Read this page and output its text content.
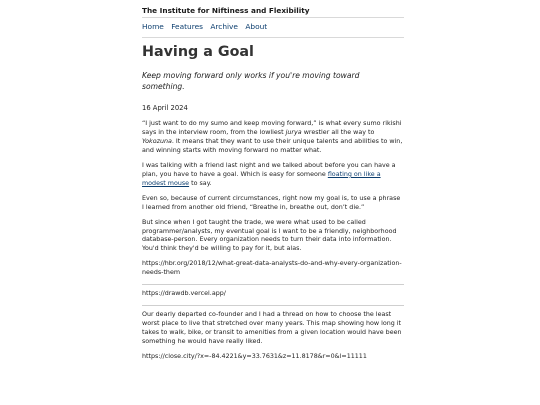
The Institute for Niftiness and Flexibility
Home Features Archive About
Having a Goal

Keep moving forward only works if you're moving toward something.

16 April 2024

“I just want to do my sumo and keep moving forward,” is what every sumo rikishi says in the interview room, from the lowliest jurya wrestler all the way to Yokozuna. It means that they want to use their unique talents and abilities to win, and winning starts with moving forward no matter what.

I was talking with a friend last night and we talked about before you can have a plan, you have to have a goal. Which is easy for someone floating on like a modest mouse to say.

Even so, because of current circumstances, right now my goal is, to use a phrase I learned from another old friend, “Breathe in, breathe out, don’t die.”

But since when I got taught the trade, we were what used to be called programmer/analysts, my eventual goal is I want to be a friendly, neighborhood database-person. Every organization needs to turn their data into information. You'd think they'd be willing to pay for it, but alas.

https://hbr.org/2018/12/what-great-data-analysts-do-and-why-every-organization-needs-them

https://drawdb.vercel.app/

Our dearly departed co-founder and I had a thread on how to choose the least worst place to live that stretched over many years. This map showing how long it takes to walk, bike, or transit to amenities from a given location would have been something he would have really liked.

https://close.city/?x=-84.4221&y=33.7631&z=11.8178&r=0&l=11111
